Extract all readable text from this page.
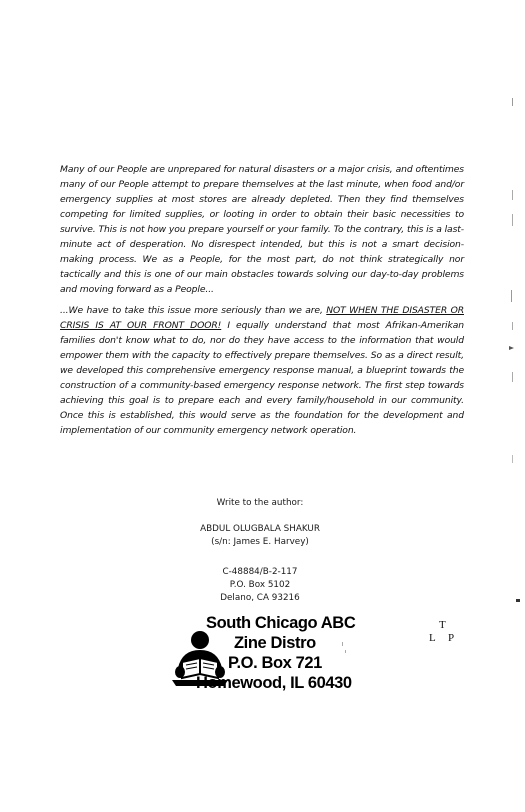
Many of our People are unprepared for natural disasters or a major crisis, and oftentimes many of our People attempt to prepare themselves at the last minute, when food and/or emergency supplies at most stores are already depleted. Then they find themselves competing for limited supplies, or looting in order to obtain their basic necessities to survive. This is not how you prepare yourself or your family. To the contrary, this is a last-minute act of desperation. No disrespect intended, but this is not a smart decision-making process. We as a People, for the most part, do not think strategically nor tactically and this is one of our main obstacles towards solving our day-to-day problems and moving forward as a People...

...We have to take this issue more seriously than we are, NOT WHEN THE DISASTER OR CRISIS IS AT OUR FRONT DOOR! I equally understand that most Afrikan-Amerikan families don't know what to do, nor do they have access to the information that would empower them with the capacity to effectively prepare themselves. So as a direct result, we developed this comprehensive emergency response manual, a blueprint towards the construction of a community-based emergency response network. The first step towards achieving this goal is to prepare each and every family/household in our community. Once this is established, this would serve as the foundation for the development and implementation of our community emergency network operation.

Write to the author:
ABDUL OLUGBALA SHAKUR
(s/n: James E. Harvey)
C-48884/B-2-117
P.O. Box 5102
Delano, CA 93216
South Chicago ABC
Zine Distro
P.O. Box 721
Homewood, IL 60430
T
L P
